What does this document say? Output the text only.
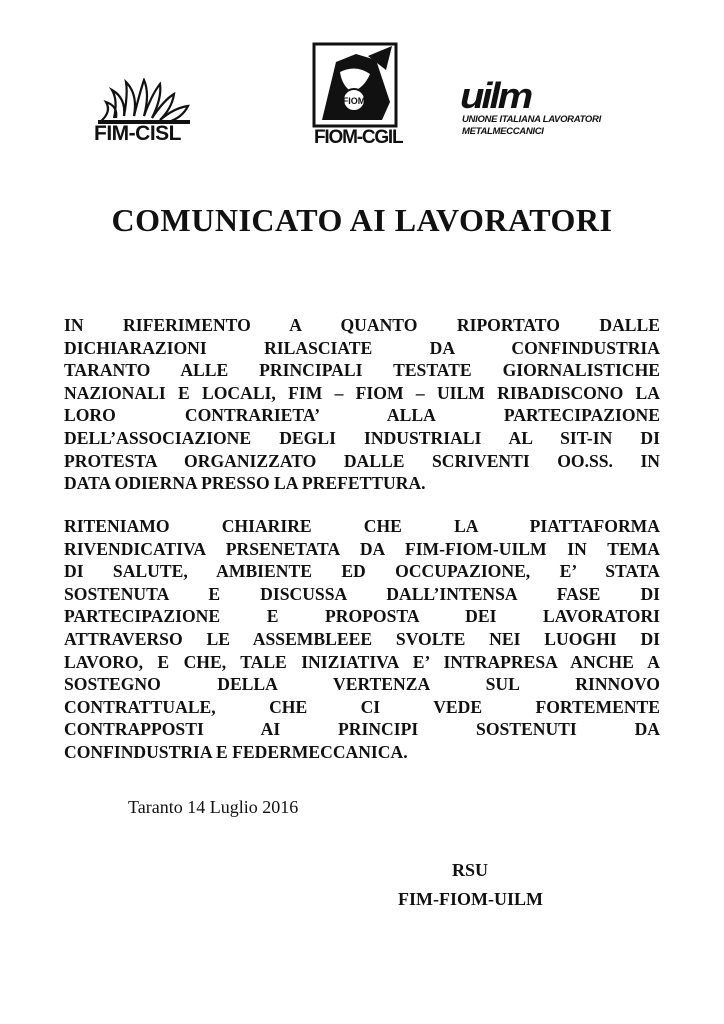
FIM-CISL
FIOM
FIOM-CGIL
uilm
UNIONE ITALIANA LAVORATORI
METALMECCANICI
COMUNICATO AI LAVORATORI
IN RIFERIMENTO A QUANTO RIPORTATO DALLE
DICHIARAZIONI RILASCIATE DA CONFINDUSTRIA
TARANTO ALLE PRINCIPALI TESTATE GIORNALISTICHE
NAZIONALI E LOCALI, FIM – FIOM – UILM RIBADISCONO LA
LORO CONTRARIETA’ ALLA PARTECIPAZIONE
DELL’ASSOCIAZIONE DEGLI INDUSTRIALI AL SIT-IN DI
PROTESTA ORGANIZZATO DALLE SCRIVENTI OO.SS. IN
DATA ODIERNA PRESSO LA PREFETTURA.
RITENIAMO CHIARIRE CHE LA PIATTAFORMA
RIVENDICATIVA PRSENETATA DA FIM-FIOM-UILM IN TEMA
DI SALUTE, AMBIENTE ED OCCUPAZIONE, E’ STATA
SOSTENUTA E DISCUSSA DALL’INTENSA FASE DI
PARTECIPAZIONE E PROPOSTA DEI LAVORATORI
ATTRAVERSO LE ASSEMBLEEE SVOLTE NEI LUOGHI DI
LAVORO, E CHE, TALE INIZIATIVA E’ INTRAPRESA ANCHE A
SOSTEGNO DELLA VERTENZA SUL RINNOVO
CONTRATTUALE, CHE CI VEDE FORTEMENTE
CONTRAPPOSTI AI PRINCIPI SOSTENUTI DA
CONFINDUSTRIA E FEDERMECCANICA.
Taranto 14 Luglio 2016
RSU
FIM-FIOM-UILM
